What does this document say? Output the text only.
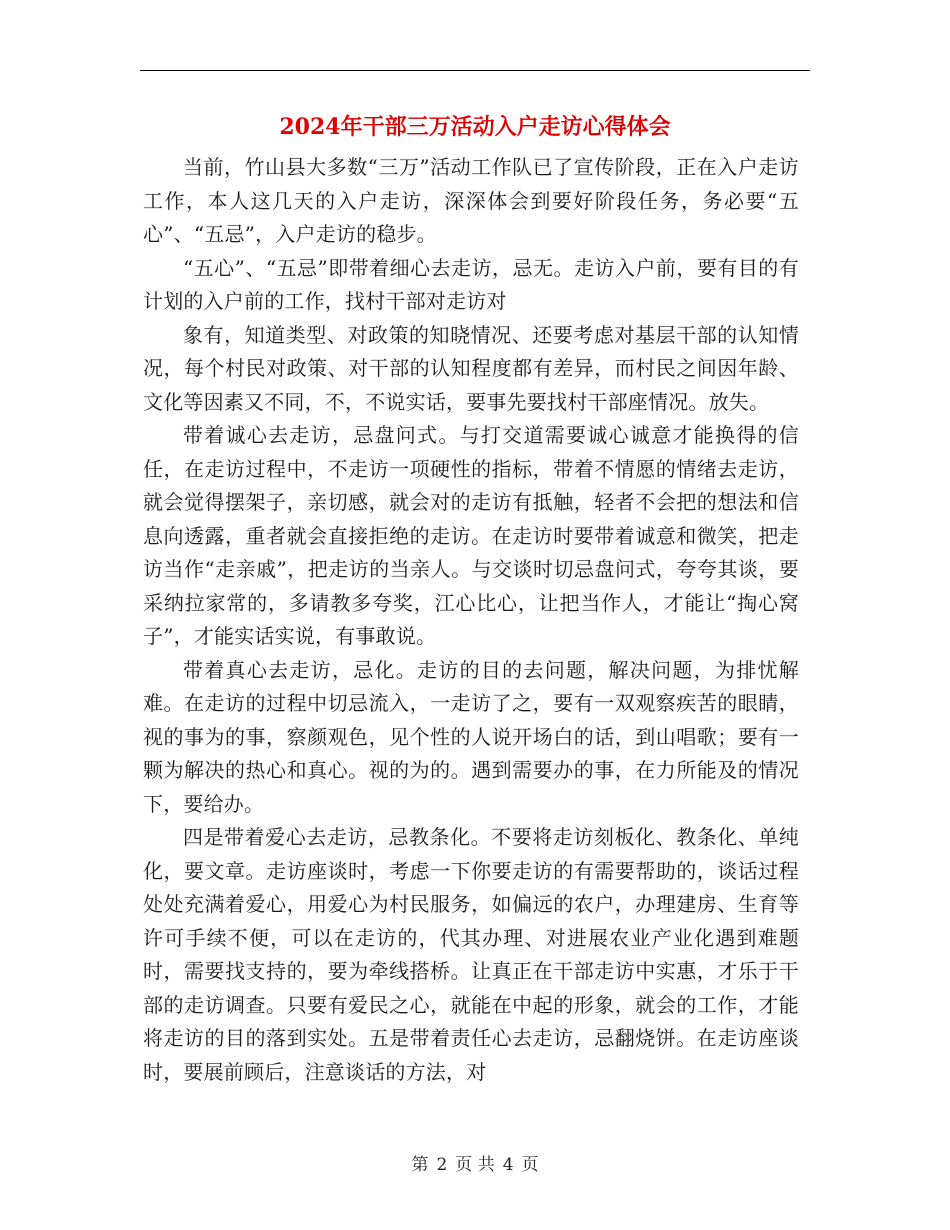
2024年干部三万活动入户走访心得体会

当前，竹山县大多数“三万”活动工作队已了宣传阶段，正在入户走访工作，本人这几天的入户走访，深深体会到要好阶段任务，务必要“五心”、“五忌”，入户走访的稳步。

“五心”、“五忌”即带着细心去走访，忌无。走访入户前，要有目的有计划的入户前的工作，找村干部对走访对

象有，知道类型、对政策的知晓情况、还要考虑对基层干部的认知情况，每个村民对政策、对干部的认知程度都有差异，而村民之间因年龄、文化等因素又不同，不，不说实话，要事先要找村干部座情况。放失。

带着诚心去走访，忌盘问式。与打交道需要诚心诚意才能换得的信任，在走访过程中，不走访一项硬性的指标，带着不情愿的情绪去走访，就会觉得摆架子，亲切感，就会对的走访有抵触，轻者不会把的想法和信息向透露，重者就会直接拒绝的走访。在走访时要带着诚意和微笑，把走访当作“走亲戚”，把走访的当亲人。与交谈时切忌盘问式，夸夸其谈，要采纳拉家常的，多请教多夸奖，江心比心，让把当作人，才能让“掏心窝子”，才能实话实说，有事敢说。

带着真心去走访，忌化。走访的目的去问题，解决问题，为排忧解难。在走访的过程中切忌流入，一走访了之，要有一双观察疾苦的眼睛，视的事为的事，察颜观色，见个性的人说开场白的话，到山唱歌；要有一颗为解决的热心和真心。视的为的。遇到需要办的事，在力所能及的情况下，要给办。

四是带着爱心去走访，忌教条化。不要将走访刻板化、教条化、单纯化，要文章。走访座谈时，考虑一下你要走访的有需要帮助的，谈话过程处处充满着爱心，用爱心为村民服务，如偏远的农户，办理建房、生育等许可手续不便，可以在走访的，代其办理、对进展农业产业化遇到难题时，需要找支持的，要为牵线搭桥。让真正在干部走访中实惠，才乐于干部的走访调查。只要有爱民之心，就能在中起的形象，就会的工作，才能将走访的目的落到实处。五是带着责任心去走访，忌翻烧饼。在走访座谈时，要展前顾后，注意谈话的方法，对

第 2 页 共 4 页
